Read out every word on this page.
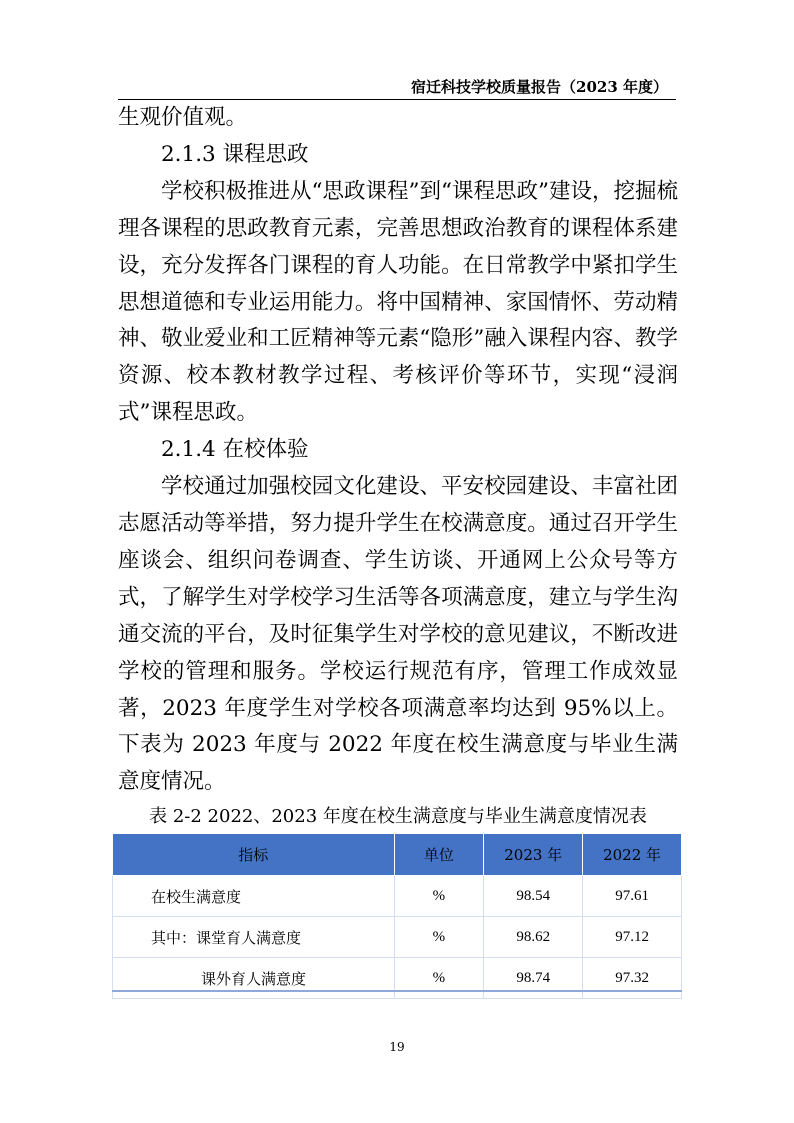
宿迁科技学校质量报告（2023 年度）

生观价值观。

2.1.3 课程思政

学校积极推进从“思政课程”到“课程思政”建设，挖掘梳理各课程的思政教育元素，完善思想政治教育的课程体系建设，充分发挥各门课程的育人功能。在日常教学中紧扣学生思想道德和专业运用能力。将中国精神、家国情怀、劳动精神、敬业爱业和工匠精神等元素“隐形”融入课程内容、教学资源、校本教材教学过程、考核评价等环节，实现“浸润式”课程思政。

2.1.4 在校体验

学校通过加强校园文化建设、平安校园建设、丰富社团志愿活动等举措，努力提升学生在校满意度。通过召开学生座谈会、组织问卷调查、学生访谈、开通网上公众号等方式，了解学生对学校学习生活等各项满意度，建立与学生沟通交流的平台，及时征集学生对学校的意见建议，不断改进学校的管理和服务。学校运行规范有序，管理工作成效显著，2023 年度学生对学校各项满意率均达到 95%以上。下表为 2023 年度与 2022 年度在校生满意度与毕业生满意度情况。

表 2-2 2022、2023 年度在校生满意度与毕业生满意度情况表
指标	单位	2023 年	2022 年
在校生满意度	%	98.54	97.61
其中：课堂育人满意度	%	98.62	97.12
课外育人满意度	%	98.74	97.32
19
